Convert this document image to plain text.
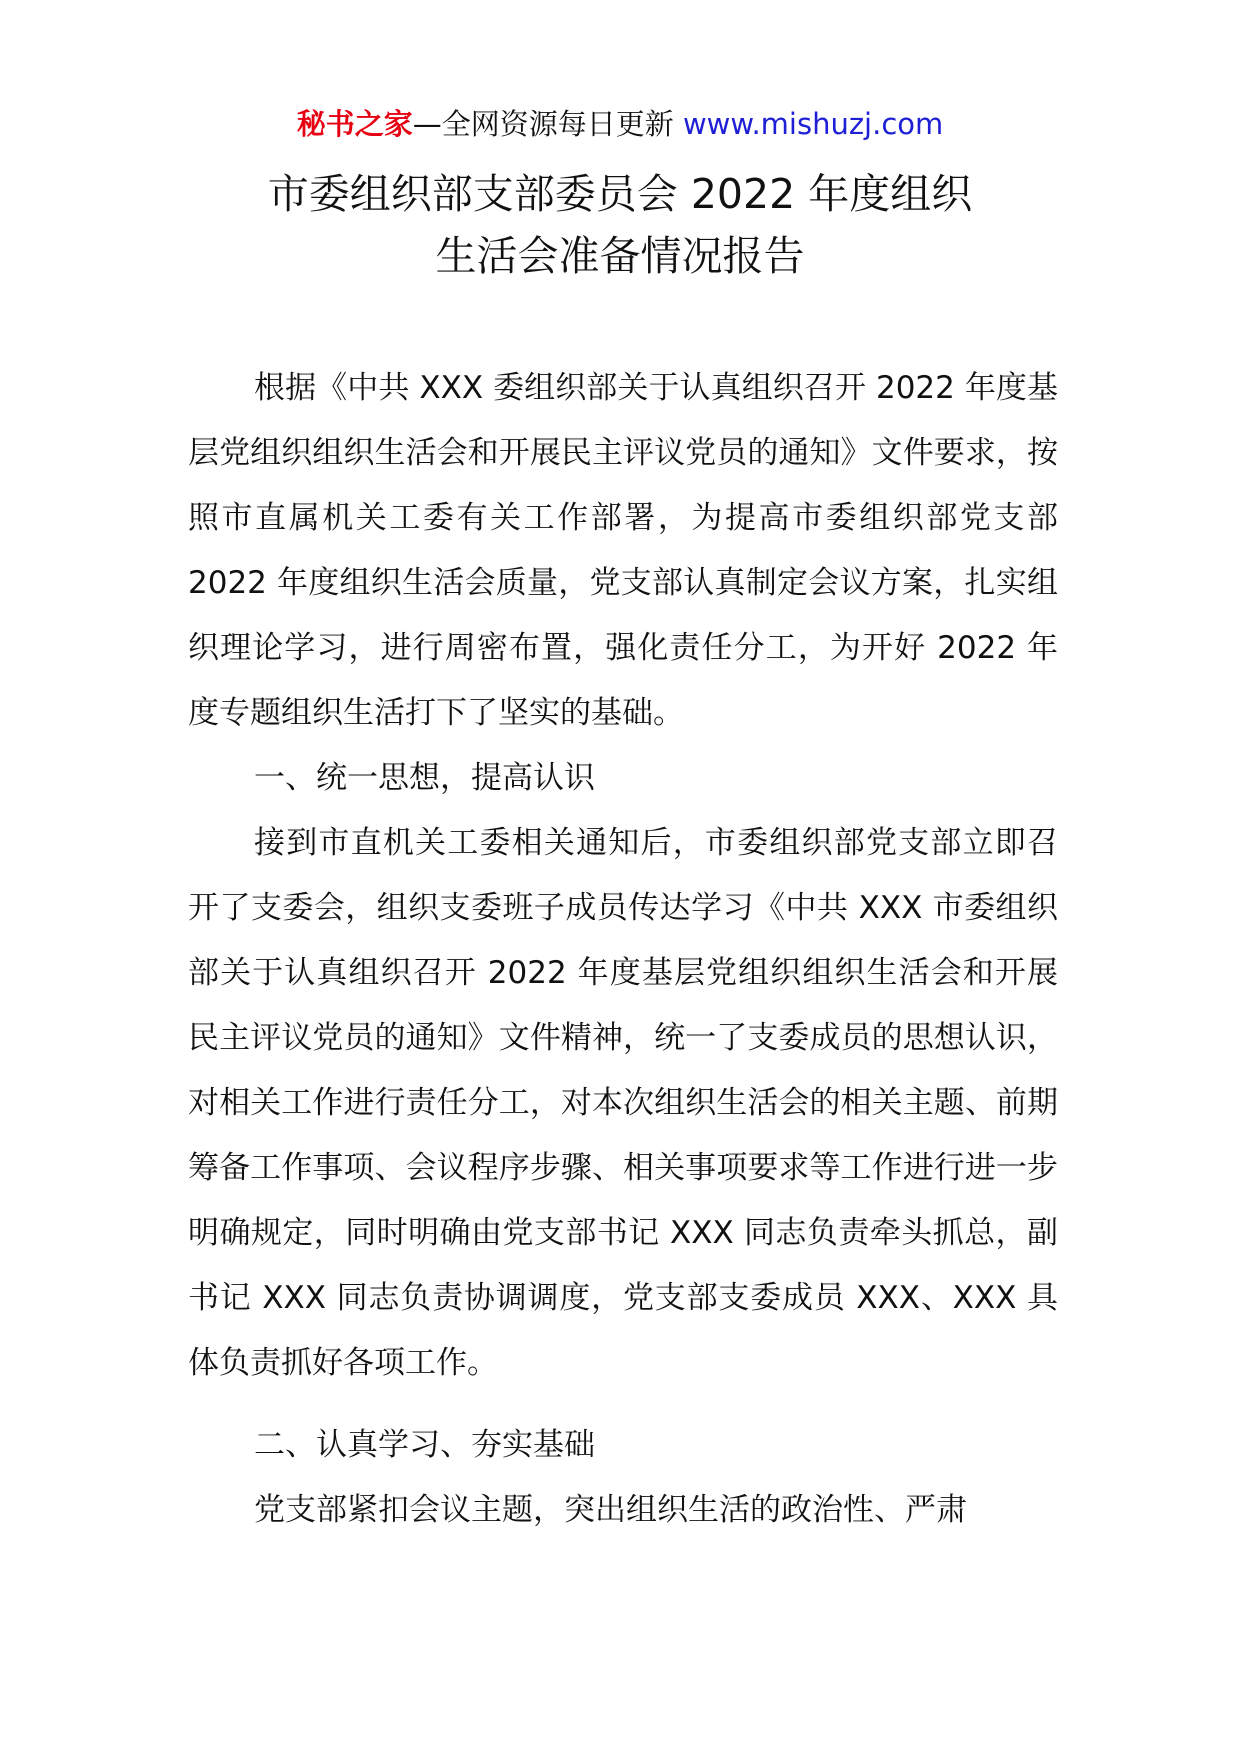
秘书之家—全网资源每日更新 www.mishuzj.com
市委组织部支部委员会 2022 年度组织
生活会准备情况报告

根据《中共 XXX 委组织部关于认真组织召开 2022 年度基层党组织组织生活会和开展民主评议党员的通知》文件要求，按照市直属机关工委有关工作部署，为提高市委组织部党支部 2022 年度组织生活会质量，党支部认真制定会议方案，扎实组织理论学习，进行周密布置，强化责任分工，为开好 2022 年度专题组织生活打下了坚实的基础。

一、统一思想，提高认识

接到市直机关工委相关通知后，市委组织部党支部立即召开了支委会，组织支委班子成员传达学习《中共 XXX 市委组织部关于认真组织召开 2022 年度基层党组织组织生活会和开展民主评议党员的通知》文件精神，统一了支委成员的思想认识，对相关工作进行责任分工，对本次组织生活会的相关主题、前期筹备工作事项、会议程序步骤、相关事项要求等工作进行进一步明确规定，同时明确由党支部书记 XXX 同志负责牵头抓总，副书记 XXX 同志负责协调调度，党支部支委成员 XXX、XXX 具体负责抓好各项工作。

二、认真学习、夯实基础

党支部紧扣会议主题，突出组织生活的政治性、严肃
